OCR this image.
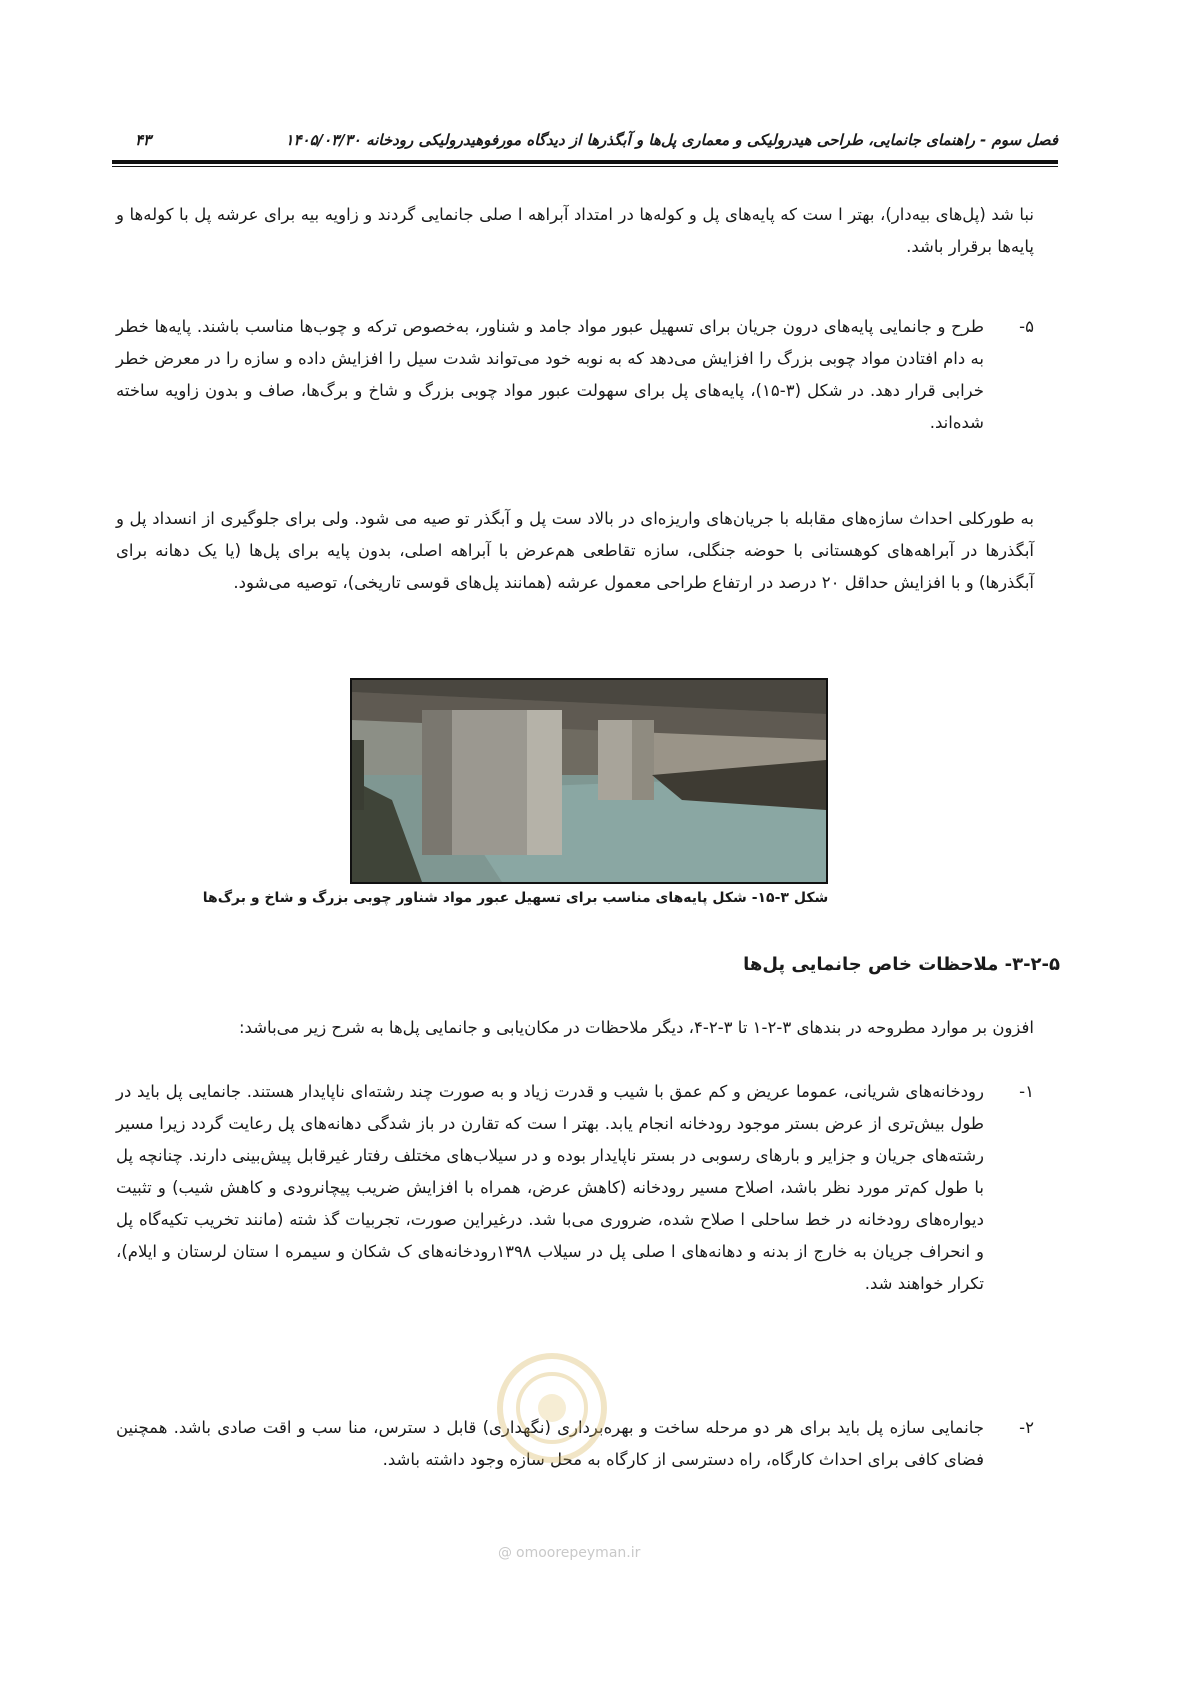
فصل سوم - راهنمای جانمایی، طراحی هیدرولیکی و معماری پل‌ها و آبگذرها از دیدگاه مورفوهیدرولیکی رودخانه ۱۴۰۵/۰۳/۳۰
۴۳
نبا شد (پل‌های بیه‌دار)، بهتر ا ست که پایه‌های پل و کوله‌ها در امتداد آبراهه ا صلی جانمایی گردند و زاویه بیه برای عرشه پل با کوله‌ها و پایه‌ها برقرار باشد.
۵-
طرح و جانمایی پایه‌های درون جریان برای تسهیل عبور مواد جامد و شناور، به‌خصوص ترکه و چوب‌ها مناسب باشند. پایه‌ها خطر به دام افتادن مواد چوبی بزرگ را افزایش می‌دهد که به نوبه خود می‌تواند شدت سیل را افزایش داده و سازه را در معرض خطر خرابی قرار دهد. در شکل (۳-۱۵)، پایه‌های پل برای سهولت عبور مواد چوبی بزرگ و شاخ و برگ‌ها، صاف و بدون زاویه ساخته شده‌اند.
به طورکلی احداث سازه‌های مقابله با جریان‌های واریزه‌ای در بالاد ست پل و آبگذر تو صیه می شود. ولی برای جلوگیری از انسداد پل و آبگذرها در آبراهه‌های کوهستانی با حوضه جنگلی، سازه تقاطعی هم‌عرض با آبراهه اصلی، بدون پایه برای پل‌ها (یا یک دهانه برای آبگذرها) و با افزایش حداقل ۲۰ درصد در ارتفاع طراحی معمول عرشه (همانند پل‌های قوسی تاریخی)، توصیه می‌شود.
شکل ۳-۱۵- شکل پایه‌های مناسب برای تسهیل عبور مواد شناور چوبی بزرگ و شاخ و برگ‌ها
۳-۲-۵- ملاحظات خاص جانمایی پل‌ها
افزون بر موارد مطروحه در بندهای ۳-۲-۱ تا ۳-۲-۴، دیگر ملاحظات در مکان‌یابی و جانمایی پل‌ها به شرح زیر می‌باشد:
۱-
رودخانه‌های شریانی، عموما عریض و کم عمق با شیب و قدرت زیاد و به صورت چند رشته‌ای ناپایدار هستند. جانمایی پل باید در طول بیش‌تری از عرض بستر موجود رودخانه انجام یابد. بهتر ا ست که تقارن در باز شدگی دهانه‌های پل رعایت گردد زیرا مسیر رشته‌های جریان و جزایر و بارهای رسوبی در بستر ناپایدار بوده و در سیلاب‌های مختلف رفتار غیرقابل پیش‌بینی دارند. چنانچه پل با طول کم‌تر مورد نظر باشد، اصلاح مسیر رودخانه (کاهش عرض، همراه با افزایش ضریب پیچانرودی و کاهش شیب) و تثبیت دیواره‌های رودخانه در خط ساحلی ا صلاح شده، ضروری می‌با شد. درغیراین صورت، تجربیات گذ شته (مانند تخریب تکیه‌گاه پل و انحراف جریان به خارج از بدنه و دهانه‌های ا صلی پل در سیلاب ۱۳۹۸رودخانه‌های ک شکان و سیمره ا ستان لرستان و ایلام)، تکرار خواهند شد.
۲-
جانمایی سازه پل باید برای هر دو مرحله ساخت و بهره‌برداری (نگهداری) قابل د سترس، منا سب و اقت صادی باشد. همچنین فضای کافی برای احداث کارگاه، راه دسترسی از کارگاه به محل سازه وجود داشته باشد.
@ omoorepeyman.ir
